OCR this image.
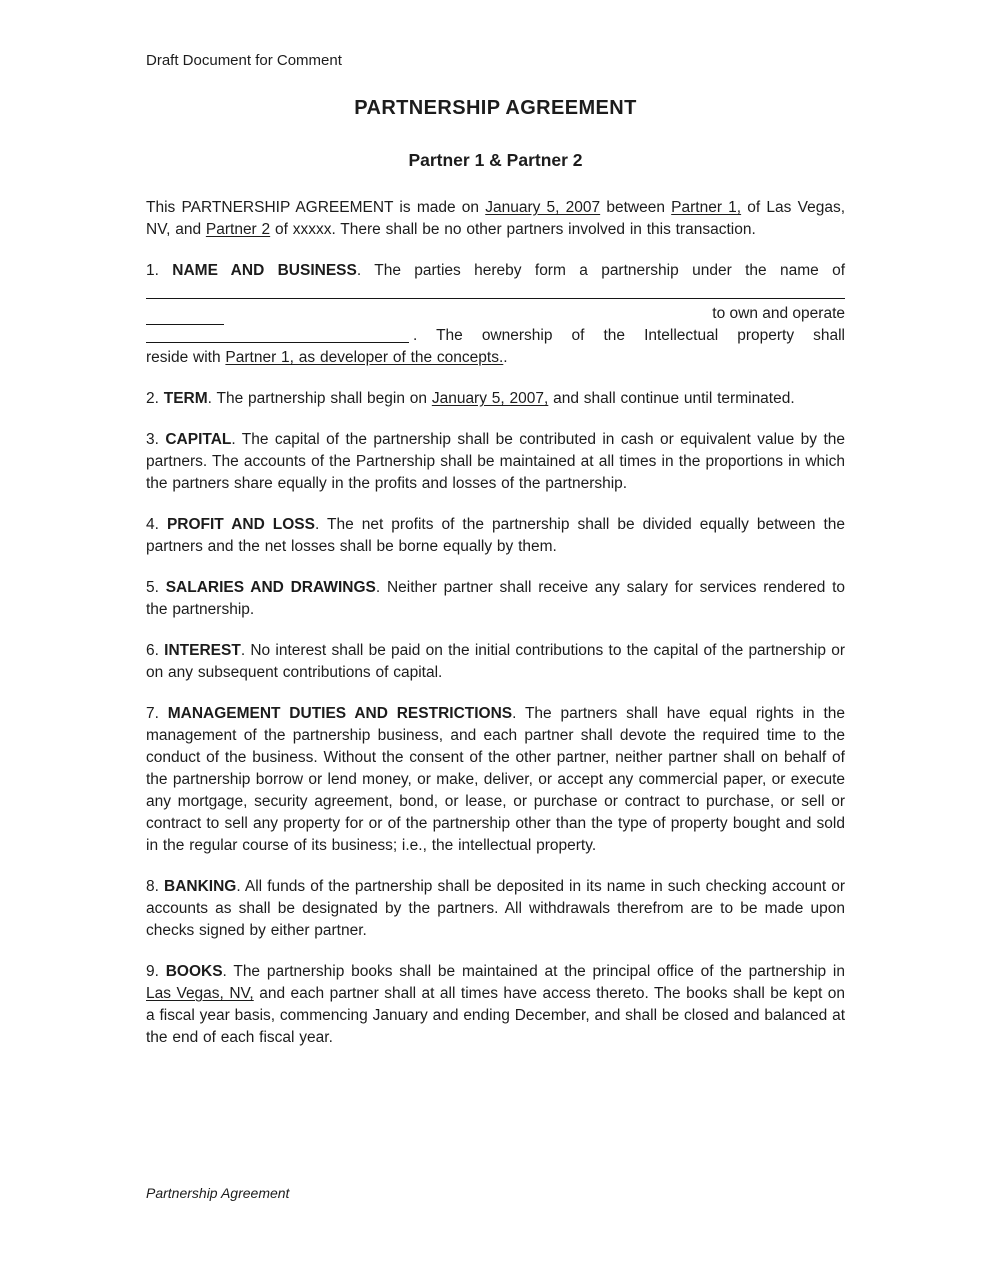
Draft Document for Comment
PARTNERSHIP AGREEMENT
Partner 1 & Partner 2

This PARTNERSHIP AGREEMENT is made on January 5, 2007 between Partner 1, of Las Vegas, NV, and Partner 2 of xxxxx. There shall be no other partners involved in this transaction.

1. NAME AND BUSINESS. The parties hereby form a partnership under the name of

to own and operate

. The ownership of the Intellectual property shall

reside with Partner 1, as developer of the concepts..

2. TERM. The partnership shall begin on January 5, 2007, and shall continue until terminated.

3. CAPITAL. The capital of the partnership shall be contributed in cash or equivalent value by the partners. The accounts of the Partnership shall be maintained at all times in the proportions in which the partners share equally in the profits and losses of the partnership.

4. PROFIT AND LOSS. The net profits of the partnership shall be divided equally between the partners and the net losses shall be borne equally by them.

5. SALARIES AND DRAWINGS. Neither partner shall receive any salary for services rendered to the partnership.

6. INTEREST. No interest shall be paid on the initial contributions to the capital of the partnership or on any subsequent contributions of capital.

7. MANAGEMENT DUTIES AND RESTRICTIONS. The partners shall have equal rights in the management of the partnership business, and each partner shall devote the required time to the conduct of the business. Without the consent of the other partner, neither partner shall on behalf of the partnership borrow or lend money, or make, deliver, or accept any commercial paper, or execute any mortgage, security agreement, bond, or lease, or purchase or contract to purchase, or sell or contract to sell any property for or of the partnership other than the type of property bought and sold in the regular course of its business; i.e., the intellectual property.

8. BANKING. All funds of the partnership shall be deposited in its name in such checking account or accounts as shall be designated by the partners. All withdrawals therefrom are to be made upon checks signed by either partner.

9. BOOKS. The partnership books shall be maintained at the principal office of the partnership in Las Vegas, NV, and each partner shall at all times have access thereto. The books shall be kept on a fiscal year basis, commencing January and ending December, and shall be closed and balanced at the end of each fiscal year.

Partnership Agreement
